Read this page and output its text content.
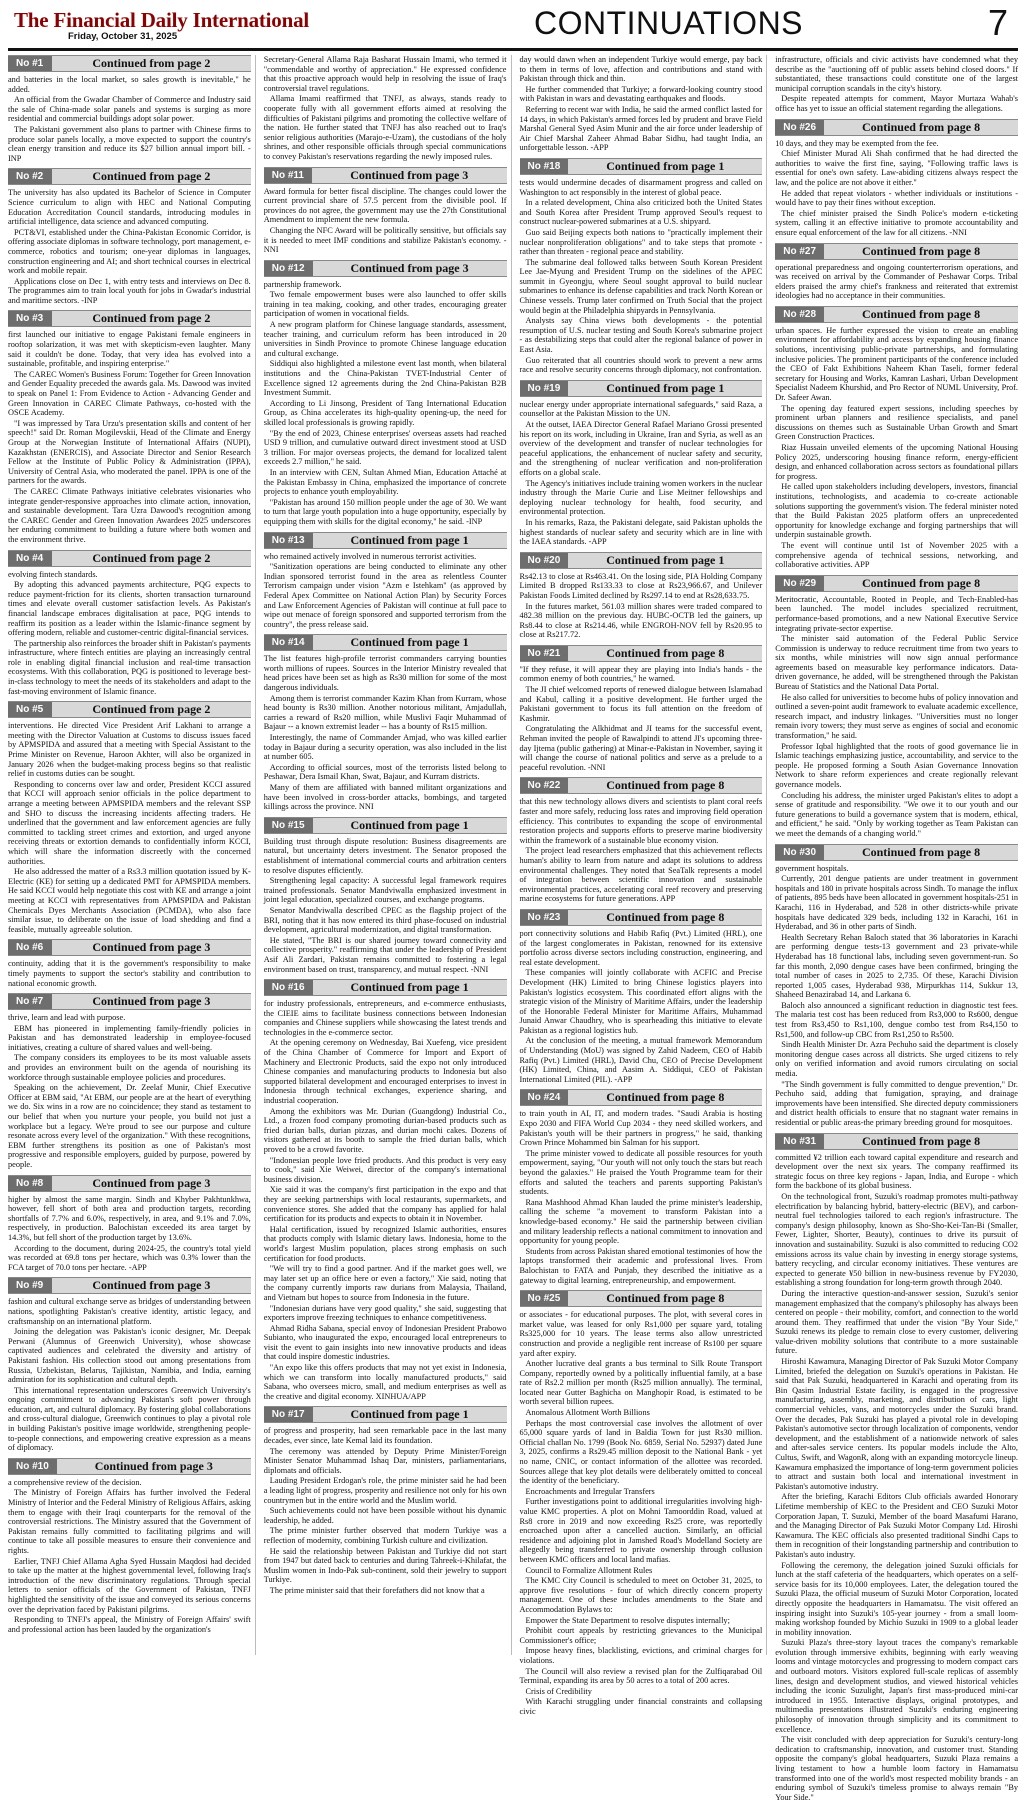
The Financial Daily International
Friday, October 31, 2025	CONTINUATIONS	7
No #1	Continued from page 2

and batteries in the local market, so sales growth is inevitable," he added.

An official from the Gwadar Chamber of Commerce and Industry said the sale of China-made solar panels and systems is surging as more residential and commercial buildings adopt solar power.

The Pakistani government also plans to partner with Chinese firms to produce solar panels locally, a move expected to support the country's clean energy transition and reduce its $27 billion annual import bill. -INP

No #2	Continued from page 2

The university has also updated its Bachelor of Science in Computer Science curriculum to align with HEC and National Computing Education Accreditation Council standards, introducing modules in artificial intelligence, data science and advanced computing.

PCT&VI, established under the China-Pakistan Economic Corridor, is offering associate diplomas in software technology, port management, e-commerce, robotics and tourism; one-year diplomas in languages, construction engineering and AI; and short technical courses in electrical work and mobile repair.

Applications close on Dec 1, with entry tests and interviews on Dec 8. The programmes aim to train local youth for jobs in Gwadar's industrial and maritime sectors. -INP

No #3	Continued from page 2

first launched our initiative to engage Pakistani female engineers in rooftop solarization, it was met with skepticism-even laughter. Many said it couldn't be done. Today, that very idea has evolved into a sustainable, profitable, and inspiring enterprise."

The CAREC Women's Business Forum: Together for Green Innovation and Gender Equality preceded the awards gala. Ms. Dawood was invited to speak on Panel 1: From Evidence to Action - Advancing Gender and Green Innovation in CAREC Climate Pathways, co-hosted with the OSCE Academy.

"I was impressed by Tara Urzu's presentation skills and content of her speech!" said Dr. Roman Mogilevskii, Head of the Climate and Energy Group at the Norwegian Institute of International Affairs (NUPI), Kazakhstan (ENERCIS), and Associate Director and Senior Research Fellow at the Institute of Public Policy & Administration (IPPA), University of Central Asia, who moderated the panel. IPPA is one of the partners for the awards.

The CAREC Climate Pathways initiative celebrates visionaries who integrate gender-responsive approaches into climate action, innovation, and sustainable development. Tara Uzra Dawood's recognition among the CAREC Gender and Green Innovation Awardees 2025 underscores her enduring commitment to building a future where both women and the environment thrive.

No #4	Continued from page 2

evolving fintech standards.

By adopting this advanced payments architecture, PQG expects to reduce payment-friction for its clients, shorten transaction turnaround times and elevate overall customer satisfaction levels. As Pakistan's financial landscape embraces digitalisation at pace, PQG intends to reaffirm its position as a leader within the Islamic-finance segment by offering modern, reliable and customer-centric digital-financial services.

The partnership also reinforces the broader shift in Pakistan's payments infrastructure, where fintech entities are playing an increasingly central role in enabling digital financial inclusion and real-time transaction ecosystems. With this collaboration, PQG is positioned to leverage best-in-class technology to meet the needs of its stakeholders and adapt to the fast-moving environment of Islamic finance.

No #5	Continued from page 2

interventions. He directed Vice President Arif Lakhani to arrange a meeting with the Director Valuation at Customs to discuss issues faced by APMSPIDA and assured that a meeting with Special Assistant to the Prime Minister on Revenue, Haroon Akhter, will also be organized in January 2026 when the budget-making process begins so that realistic relief in customs duties can be sought.

Responding to concerns over law and order, President KCCI assured that KCCI will approach senior officials in the police department to arrange a meeting between APMSPIDA members and the relevant SSP and SHO to discuss the increasing incidents affecting traders. He underlined that the government and law enforcement agencies are fully committed to tackling street crimes and extortion, and urged anyone receiving threats or extortion demands to confidentially inform KCCI, which will share the information discreetly with the concerned authorities.

He also addressed the matter of a Rs3.3 million quotation issued by K-Electric (KE) for setting up a dedicated PMT for APMSPIDA members. He said KCCI would help negotiate this cost with KE and arrange a joint meeting at KCCI with representatives from APMSPIDA and Pakistan Chemicals Dyes Merchants Association (PCMDA), who also face similar issue, to deliberate on the issue of load shedding and find a feasible, mutually agreeable solution.

No #6	Continued from page 3

continuity, adding that it is the government's responsibility to make timely payments to support the sector's stability and contribution to national economic growth.

No #7	Continued from page 3

thrive, learn and lead with purpose.

EBM has pioneered in implementing family-friendly policies in Pakistan and has demonstrated leadership in employee-focused initiatives, creating a culture of shared values and well-being.

The company considers its employees to be its most valuable assets and provides an environment built on the agenda of nourishing its workforce through sustainable employee policies and procedures.

Speaking on the achievement, Dr. Zeelaf Munir, Chief Executive Officer at EBM said, "At EBM, our people are at the heart of everything we do. Six wins in a row are no coincidence; they stand as testament to our belief that when you nurture your people, you build not just a workplace but a legacy. We're proud to see our purpose and culture resonate across every level of the organization." With these recognitions, EBM further strengthens its position as one of Pakistan's most progressive and responsible employers, guided by purpose, powered by people.

No #8	Continued from page 3

higher by almost the same margin. Sindh and Khyber Pakhtunkhwa, however, fell short of both area and production targets, recording shortfalls of 7.7% and 6.0%, respectively, in area, and 9.1% and 7.0%, respectively, in production. Balochistan exceeded its area target by 14.3%, but fell short of the production target by 13.6%.

According to the document, during 2024-25, the country's total yield was recorded at 69.8 tons per hectare, which was 0.3% lower than the FCA target of 70.0 tons per hectare. -APP

No #9	Continued from page 3

fashion and cultural exchange serve as bridges of understanding between nations, spotlighting Pakistan's creative identity, artistic legacy, and craftsmanship on an international platform.

Joining the delegation was Pakistan's iconic designer, Mr. Deepak Perwani (Alumnus of Greenwich University), whose showcase captivated audiences and celebrated the diversity and artistry of Pakistani fashion. His collection stood out among presentations from Russia, Uzbekistan, Belarus, Tajikistan, Namibia, and India, earning admiration for its sophistication and cultural depth.

This international representation underscores Greenwich University's ongoing commitment to advancing Pakistan's soft power through education, art, and cultural diplomacy. By fostering global collaborations and cross-cultural dialogue, Greenwich continues to play a pivotal role in building Pakistan's positive image worldwide, strengthening people-to-people connections, and empowering creative expression as a means of diplomacy.

No #10	Continued from page 3

a comprehensive review of the decision.

The Ministry of Foreign Affairs has further involved the Federal Ministry of Interior and the Federal Ministry of Religious Affairs, asking them to engage with their Iraqi counterparts for the removal of the controversial restrictions. The Ministry assured that the Government of Pakistan remains fully committed to facilitating pilgrims and will continue to take all possible measures to ensure their convenience and rights.

Earlier, TNFJ Chief Allama Agha Syed Hussain Maqdosi had decided to take up the matter at the highest governmental level, following Iraq's introduction of the new discriminatory regulations. Through special letters to senior officials of the Government of Pakistan, TNFJ highlighted the sensitivity of the issue and conveyed its serious concerns over the deprivation faced by Pakistani pilgrims.

Responding to TNFJ's appeal, the Ministry of Foreign Affairs' swift and professional action has been lauded by the organization's

Secretary-General Allama Raja Basharat Hussain Imami, who termed it "commendable and worthy of appreciation." He expressed confidence that this proactive approach would help in resolving the issue of Iraq's controversial travel regulations.

Allama Imami reaffirmed that TNFJ, as always, stands ready to cooperate fully with all government efforts aimed at resolving the difficulties of Pakistani pilgrims and promoting the collective welfare of the nation. He further stated that TNFJ has also reached out to Iraq's senior religious authorities (Marajo-e-Uzam), the custodians of the holy shrines, and other responsible officials through special communications to convey Pakistan's reservations regarding the newly imposed rules.

No #11	Continued from page 3

Award formula for better fiscal discipline. The changes could lower the current provincial share of 57.5 percent from the divisible pool. If provinces do not agree, the government may use the 27th Constitutional Amendment to implement the new formula.

Changing the NFC Award will be politically sensitive, but officials say it is needed to meet IMF conditions and stabilize Pakistan's economy. -NNI

No #12	Continued from page 3

partnership framework.

Two female empowerment buses were also launched to offer skills training in tea making, cooking, and other trades, encouraging greater participation of women in vocational fields.

A new program platform for Chinese language standards, assessment, teacher training, and curriculum reform has been introduced in 20 universities in Sindh Province to promote Chinese language education and cultural exchange.

Siddiqui also highlighted a milestone event last month, when bilateral institutions and the China-Pakistan TVET-Industrial Center of Excellence signed 12 agreements during the 2nd China-Pakistan B2B Investment Summit.

According to Li Jinsong, President of Tang International Education Group, as China accelerates its high-quality opening-up, the need for skilled local professionals is growing rapidly.

"By the end of 2023, Chinese enterprises' overseas assets had reached USD 9 trillion, and cumulative outward direct investment stood at USD 3 trillion. For major overseas projects, the demand for localized talent exceeds 2.7 million," he said.

In an interview with CEN, Sultan Ahmed Mian, Education Attaché at the Pakistan Embassy in China, emphasized the importance of concrete projects to enhance youth employability.

"Pakistan has around 150 million people under the age of 30. We want to turn that large youth population into a huge opportunity, especially by equipping them with skills for the digital economy," he said. -INP

No #13	Continued from page 1

who remained actively involved in numerous terrorist activities.

"Sanitization operations are being conducted to eliminate any other Indian sponsored terrorist found in the area as relentless Counter Terrorism campaign under vision "Azm e Istehkam" (as approved by Federal Apex Committee on National Action Plan) by Security Forces and Law Enforcement Agencies of Pakistan will continue at full pace to wipe out menace of foreign sponsored and supported terrorism from the country", the press release said.

No #14	Continued from page 1

The list features high-profile terrorist commanders carrying bounties worth millions of rupees. Sources in the Interior Ministry revealed that head prices have been set as high as Rs30 million for some of the most dangerous individuals.

Among them is terrorist commander Kazim Khan from Kurram, whose head bounty is Rs30 million. Another notorious militant, Amjadullah, carries a reward of Rs20 million, while Muslivi Faqir Muhammad of Bajaur -- a known extremist leader -- has a bounty of Rs15 million.

Interestingly, the name of Commander Amjad, who was killed earlier today in Bajaur during a security operation, was also included in the list at number 605.

According to official sources, most of the terrorists listed belong to Peshawar, Dera Ismail Khan, Swat, Bajaur, and Kurram districts.

Many of them are affiliated with banned militant organizations and have been involved in cross-border attacks, bombings, and targeted killings across the province. NNI

No #15	Continued from page 1

Building trust through dispute resolution: Business disagreements are natural, but uncertainty deters investment. The Senator proposed the establishment of international commercial courts and arbitration centers to resolve disputes efficiently.

Strengthening legal capacity: A successful legal framework requires trained professionals. Senator Mandviwalla emphasized investment in joint legal education, specialized courses, and exchange programs.

Senator Mandviwalla described CPEC as the flagship project of the BRI, noting that it has now entered its third phase-focused on industrial development, agricultural modernization, and digital transformation.

He stated, "The BRI is our shared journey toward connectivity and collective prosperity." reaffirming that under the leadership of President Asif Ali Zardari, Pakistan remains committed to fostering a legal environment based on trust, transparency, and mutual respect. -NNI

No #16	Continued from page 1

for industry professionals, entrepreneurs, and e-commerce enthusiasts, the CIEIE aims to facilitate business connections between Indonesian companies and Chinese suppliers while showcasing the latest trends and technologies in the e-commerce sector.

At the opening ceremony on Wednesday, Bai Xuefeng, vice president of the China Chamber of Commerce for Import and Export of Machinery and Electronic Products, said the expo not only introduced Chinese companies and manufacturing products to Indonesia but also supported bilateral development and encouraged enterprises to invest in Indonesia through technical exchanges, experience sharing, and industrial cooperation.

Among the exhibitors was Mr. Durian (Guangdong) Industrial Co., Ltd., a frozen food company promoting durian-based products such as fried durian balls, durian pizzas, and durian mochi cakes. Dozens of visitors gathered at its booth to sample the fried durian balls, which proved to be a crowd favorite.

"Indonesian people love fried products. And this product is very easy to cook," said Xie Weiwei, director of the company's international business division.

Xie said it was the company's first participation in the expo and that they are seeking partnerships with local restaurants, supermarkets, and convenience stores. She added that the company has applied for halal certification for its products and expects to obtain it in November.

Halal certification, issued by recognized Islamic authorities, ensures that products comply with Islamic dietary laws. Indonesia, home to the world's largest Muslim population, places strong emphasis on such certification for food products.

"We will try to find a good partner. And if the market goes well, we may later set up an office here or even a factory," Xie said, noting that the company currently imports raw durians from Malaysia, Thailand, and Vietnam but hopes to source from Indonesia in the future.

"Indonesian durians have very good quality," she said, suggesting that exporters improve freezing techniques to enhance competitiveness.

Ahmad Ridha Sabana, special envoy of Indonesian President Prabowo Subianto, who inaugurated the expo, encouraged local entrepreneurs to visit the event to gain insights into new innovative products and ideas that could inspire domestic industries.

"An expo like this offers products that may not yet exist in Indonesia, which we can transform into locally manufactured products," said Sabana, who oversees micro, small, and medium enterprises as well as the creative and digital economy. XINHUA/APP

No #17	Continued from page 1

of progress and prosperity, had seen remarkable pace in the last many decades, ever since, late Kemal laid its foundation.

The ceremony was attended by Deputy Prime Minister/Foreign Minister Senator Muhammad Ishaq Dar, ministers, parliamentarians, diplomats and officials.

Lauding President Erdogan's role, the prime minister said he had been a leading light of progress, prosperity and resilience not only for his own countrymen but in the entire world and the Muslim world.

Such achievements could not have been possible without his dynamic leadership, he added.

The prime minister further observed that modern Turkiye was a reflection of modernity, combining Turkish culture and civilization.

He said the relationship between Pakistan and Turkiye did not start from 1947 but dated back to centuries and during Tahreek-i-Khilafat, the Muslim women in Indo-Pak sub-continent, sold their jewelry to support Turkiye.

The prime minister said that their forefathers did not know that a

day would dawn when an independent Turkiye would emerge, pay back to them in terms of love, affection and contributions and stand with Pakistan through thick and thin.

He further commended that Turkiye; a forward-looking country stood with Pakistan in wars and devastating earthquakes and floods.

Referring to recent war with India, he said the armed conflict lasted for 14 days, in which Pakistan's armed forces led by prudent and brave Field Marshal General Syed Asim Munir and the air force under leadership of Air Chief Marshal Zaheer Ahmad Babar Sidhu, had taught India, an unforgettable lesson. -APP

No #18	Continued from page 1

tests would undermine decades of disarmament progress and called on Washington to act responsibly in the interest of global peace.

In a related development, China also criticized both the United States and South Korea after President Trump approved Seoul's request to construct nuclear-powered submarines at a U.S. shipyard.

Guo said Beijing expects both nations to "practically implement their nuclear nonproliferation obligations" and to take steps that promote - rather than threaten - regional peace and stability.

The submarine deal followed talks between South Korean President Lee Jae-Myung and President Trump on the sidelines of the APEC summit in Gyeongju, where Seoul sought approval to build nuclear submarines to enhance its defense capabilities and track North Korean or Chinese vessels. Trump later confirmed on Truth Social that the project would begin at the Philadelphia shipyards in Pennsylvania.

Analysts say China views both developments - the potential resumption of U.S. nuclear testing and South Korea's submarine project - as destabilizing steps that could alter the regional balance of power in East Asia.

Guo reiterated that all countries should work to prevent a new arms race and resolve security concerns through diplomacy, not confrontation.

No #19	Continued from page 1

nuclear energy under appropriate international safeguards," said Raza, a counsellor at the Pakistan Mission to the UN.

At the outset, IAEA Director General Rafael Mariano Grossi presented his report on its work, including in Ukraine, Iran and Syria, as well as an overview of the development and transfer of nuclear technologies for peaceful applications, the enhancement of nuclear safety and security, and the strengthening of nuclear verification and non-proliferation efforts on a global scale.

The Agency's initiatives include training women workers in the nuclear industry through the Marie Curie and Lise Meitner fellowships and deploying nuclear technology for health, food security, and environmental protection.

In his remarks, Raza, the Pakistani delegate, said Pakistan upholds the highest standards of nuclear safety and security which are in line with the IAEA standards. -APP

No #20	Continued from page 1

Rs42.13 to close at Rs463.41. On the losing side, PIA Holding Company Limited B dropped Rs133.33 to close at Rs23,966.67, and Unilever Pakistan Foods Limited declined by Rs297.14 to end at Rs28,633.75.

In the futures market, 561.03 million shares were traded compared to 482.38 million on the previous day. HUBC-OCTB led the gainers, up Rs8.44 to close at Rs214.46, while ENGROH-NOV fell by Rs20.95 to close at Rs217.72.

No #21	Continued from page 8

"If they refuse, it will appear they are playing into India's hands - the common enemy of both countries," he warned.

The JI chief welcomed reports of renewed dialogue between Islamabad and Kabul, calling it a positive development. He further urged the Pakistani government to focus its full attention on the freedom of Kashmir.

Congratulating the Alkhidmat and JI teams for the successful event, Rehman invited the people of Rawalpindi to attend JI's upcoming three-day Ijtema (public gathering) at Minar-e-Pakistan in November, saying it will change the course of national politics and serve as a prelude to a peaceful revolution. -NNI

No #22	Continued from page 8

that this new technology allows divers and scientists to plant coral reefs faster and more safely, reducing loss rates and improving field operation efficiency. This contributes to expanding the scope of environmental restoration projects and supports efforts to preserve marine biodiversity within the framework of a sustainable blue economy vision.

The project lead researchers emphasized that this achievement reflects human's ability to learn from nature and adapt its solutions to address environmental challenges. They noted that SeaTalk represents a model of integration between scientific innovation and sustainable environmental practices, accelerating coral reef recovery and preserving marine ecosystems for future generations. APP

No #23	Continued from page 8

port connectivity solutions and Habib Rafiq (Pvt.) Limited (HRL), one of the largest conglomerates in Pakistan, renowned for its extensive portfolio across diverse sectors including construction, engineering, and real estate development.

These companies will jointly collaborate with ACFIC and Precise Development (HK) Limited to bring Chinese logistics players into Pakistan's logistics ecosystem. This coordinated effort aligns with the strategic vision of the Ministry of Maritime Affairs, under the leadership of the Honorable Federal Minister for Maritime Affairs, Muhammad Junaid Anwar Chaudhry, who is spearheading this initiative to elevate Pakistan as a regional logistics hub.

At the conclusion of the meeting, a mutual framework Memorandum of Understanding (MoU) was signed by Zahid Nadeem, CEO of Habib Rafiq (Pvt.) Limited (HRL), David Chu, CEO of Precise Development (HK) Limited, China, and Aasim A. Siddiqui, CEO of Pakistan International Limited (PIL). -APP

No #24	Continued from page 8

to train youth in AI, IT, and modern trades. "Saudi Arabia is hosting Expo 2030 and FIFA World Cup 2034 - they need skilled workers, and Pakistan's youth will be their partners in progress," he said, thanking Crown Prince Mohammed bin Salman for his support.

The prime minister vowed to dedicate all possible resources for youth empowerment, saying, "Our youth will not only touch the stars but reach beyond the galaxies." He praised the Youth Programme team for their efforts and saluted the teachers and parents supporting Pakistan's students.

Rana Mashhood Ahmad Khan lauded the prime minister's leadership, calling the scheme "a movement to transform Pakistan into a knowledge-based economy." He said the partnership between civilian and military leadership reflects a national commitment to innovation and opportunity for young people.

Students from across Pakistan shared emotional testimonies of how the laptops transformed their academic and professional lives. From Balochistan to FATA and Punjab, they described the initiative as a gateway to digital learning, entrepreneurship, and empowerment.

No #25	Continued from page 8

or associates - for educational purposes. The plot, with several cores in market value, was leased for only Rs1,000 per square yard, totaling Rs325,000 for 10 years. The lease terms also allow unrestricted construction and provide a negligible rent increase of Rs100 per square yard after expiry.

Another lucrative deal grants a bus terminal to Silk Route Transport Company, reportedly owned by a politically influential family, at a base rate of Rs2.2 million per month (Rs25 million annually). The terminal, located near Gutter Baghicha on Manghopir Road, is estimated to be worth several billion rupees.

Anomalous Allotment Worth Billions

Perhaps the most controversial case involves the allotment of over 65,000 square yards of land in Baldia Town for just Rs30 million. Official challan No. 1799 (Book No. 6859, Serial No. 52937) dated June 3, 2025, confirms a Rs29.45 million deposit to the National Bank - yet no name, CNIC, or contact information of the allottee was recorded. Sources allege that key plot details were deliberately omitted to conceal the identity of the beneficiary.

Encroachments and Irregular Transfers

Further investigations point to additional irregularities involving high-value KMC properties. A plot on Mohni Tamoorddin Road, valued at Rs8 crore in 2019 and now exceeding Rs25 crore, was reportedly encroached upon after a cancelled auction. Similarly, an official residence and adjoining plot in Jamshed Road's Modelland Society are allegedly being transferred to private ownership through collusion between KMC officers and local land mafias.

Council to Formalize Allotment Rules

The KMC City Council is scheduled to meet on October 31, 2025, to approve five resolutions - four of which directly concern property management. One of these includes amendments to the State and Accommodation Bylaws to:

Empower the State Department to resolve disputes internally;

Prohibit court appeals by restricting grievances to the Municipal Commissioner's office;

Impose heavy fines, blacklisting, evictions, and criminal charges for violations.

The Council will also review a revised plan for the Zulfiqarabad Oil Terminal, expanding its area by 50 acres to a total of 200 acres.

Crisis of Credibility

With Karachi struggling under financial constraints and collapsing civic

infrastructure, officials and civic activists have condemned what they describe as the "auctioning off of public assets behind closed doors." If substantiated, these transactions could constitute one of the largest municipal corruption scandals in the city's history.

Despite repeated attempts for comment, Mayor Murtaza Wahab's office has yet to issue an official statement regarding the allegations.

No #26	Continued from page 8

10 days, and they may be exempted from the fee.

Chief Minister Murad Ali Shah confirmed that he had directed the authorities to waive the first fine, saying, "Following traffic laws is essential for one's own safety. Law-abiding citizens always respect the law, and the police are not above it either."

He added that repeat violators - whether individuals or institutions - would have to pay their fines without exception.

The chief minister praised the Sindh Police's modern e-ticketing system, calling it an effective initiative to promote accountability and ensure equal enforcement of the law for all citizens. -NNI

No #27	Continued from page 8

operational preparedness and ongoing counterterrorism operations, and was received on arrival by the Commander of Peshawar Corps. Tribal elders praised the army chief's frankness and reiterated that extremist ideologies had no acceptance in their communities.

No #28	Continued from page 8

urban spaces. He further expressed the vision to create an enabling environment for affordability and access by expanding housing finance solutions, incentivising public-private partnerships, and formulating inclusive policies. The prominent participants of the conference included the CEO of Fakt Exhibitions Naheem Khan Taseli, former federal secretary for Housing and Works, Kamran Lashari, Urban Development Specialist Nadeem Khurshid, and Pro Rector of NUML University, Prof. Dr. Safeer Awan.

The opening day featured expert sessions, including speeches by prominent urban planners and resilience specialists, and panel discussions on themes such as Sustainable Urban Growth and Smart Green Construction Practices.

Riaz Hussain unveiled elements of the upcoming National Housing Policy 2025, underscoring housing finance reform, energy-efficient design, and enhanced collaboration across sectors as foundational pillars for progress.

He called upon stakeholders including developers, investors, financial institutions, technologists, and academia to co-create actionable solutions supporting the government's vision. The federal minister noted that the Build Pakistan 2025 platform offers an unprecedented opportunity for knowledge exchange and forging partnerships that will underpin sustainable growth.

The event will continue until 1st of November 2025 with a comprehensive agenda of technical sessions, networking, and collaborative activities. APP

No #29	Continued from page 8

Meritocratic, Accountable, Rooted in People, and Tech-Enabled-has been launched. The model includes specialized recruitment, performance-based promotions, and a new National Executive Service integrating private-sector expertise.

The minister said automation of the Federal Public Service Commission is underway to reduce recruitment time from two years to six months, while ministries will now sign annual performance agreements based on measurable key performance indicators. Data-driven governance, he added, will be strengthened through the Pakistan Bureau of Statistics and the National Data Portal.

He also called for universities to become hubs of policy innovation and outlined a seven-point audit framework to evaluate academic excellence, research impact, and industry linkages. "Universities must no longer remain ivory towers; they must serve as engines of social and economic transformation," he said.

Professor Iqbal highlighted that the roots of good governance lie in Islamic teachings emphasizing justice, accountability, and service to the people. He proposed forming a South Asian Governance Innovation Network to share reform experiences and create regionally relevant governance models.

Concluding his address, the minister urged Pakistan's elites to adopt a sense of gratitude and responsibility. "We owe it to our youth and our future generations to build a governance system that is modern, ethical, and efficient," he said. "Only by working together as Team Pakistan can we meet the demands of a changing world."

No #30	Continued from page 8

government hospitals.

Currently, 201 dengue patients are under treatment in government hospitals and 180 in private hospitals across Sindh. To manage the influx of patients, 895 beds have been allocated in government hospitals-251 in Karachi, 116 in Hyderabad, and 528 in other districts-while private hospitals have dedicated 329 beds, including 132 in Karachi, 161 in Hyderabad, and 36 in other parts of Sindh.

Health Secretary Rehan Baloch stated that 36 laboratories in Karachi are performing dengue tests-13 government and 23 private-while Hyderabad has 18 functional labs, including seven government-run. So far this month, 2,090 dengue cases have been confirmed, bringing the total number of cases in 2025 to 2,735. Of these, Karachi Division reported 1,005 cases, Hyderabad 938, Mirpurkhas 114, Sukkur 13, Shaheed Benazirabad 14, and Larkana 6.

Baloch also announced a significant reduction in diagnostic test fees. The malaria test cost has been reduced from Rs3,000 to Rs600, dengue test from Rs3,450 to Rs1,100, dengue combo test from Rs4,150 to Rs1,500, and follow-up CBC from Rs1,250 to Rs500.

Sindh Health Minister Dr. Azra Pechuho said the department is closely monitoring dengue cases across all districts. She urged citizens to rely only on verified information and avoid rumors circulating on social media.

"The Sindh government is fully committed to dengue prevention," Dr. Pechuho said, adding that fumigation, spraying, and drainage improvements have been intensified. She directed deputy commissioners and district health officials to ensure that no stagnant water remains in residential or public areas-the primary breeding ground for mosquitoes.

No #31	Continued from page 8

committed ¥2 trillion each toward capital expenditure and research and development over the next six years. The company reaffirmed its strategic focus on three key regions - Japan, India, and Europe - which form the backbone of its global business.

On the technological front, Suzuki's roadmap promotes multi-pathway electrification by balancing hybrid, battery-electric (BEV), and carbon-neutral fuel technologies tailored to each region's infrastructure. The company's design philosophy, known as Sho-Sho-Kei-Tan-Bi (Smaller, Fewer, Lighter, Shorter, Beauty), continues to drive its pursuit of innovation and sustainability. Suzuki is also committed to reducing CO2 emissions across its value chain by investing in energy storage systems, battery recycling, and circular economy initiatives. These ventures are expected to generate ¥50 billion in new-business revenue by FY2030, establishing a strong foundation for long-term growth through 2040.

During the interactive question-and-answer session, Suzuki's senior management emphasized that the company's philosophy has always been centered on people - their mobility, comfort, and connection to the world around them. They reaffirmed that under the vision "By Your Side," Suzuki renews its pledge to remain close to every customer, delivering value-driven mobility solutions that contribute to a more sustainable future.

Hiroshi Kawamura, Managing Director of Pak Suzuki Motor Company Limited, briefed the delegation on Suzuki's operations in Pakistan. He said that Pak Suzuki, headquartered in Karachi and operating from its Bin Qasim Industrial Estate facility, is engaged in the progressive manufacturing, assembly, marketing, and distribution of cars, light commercial vehicles, vans, and motorcycles under the Suzuki brand. Over the decades, Pak Suzuki has played a pivotal role in developing Pakistan's automotive sector through localization of components, vendor development, and the establishment of a nationwide network of sales and after-sales service centers. Its popular models include the Alto, Cultus, Swift, and WagonR, along with an expanding motorcycle lineup. Kawamura emphasized the importance of long-term government policies to attract and sustain both local and international investment in Pakistan's automotive industry.

After the briefing, Karachi Editors Club officials awarded Honorary Lifetime membership of KEC to the President and CEO Suzuki Motor Corporation Japan, T. Suzuki, Member of the board Masafumi Harano, and the Managing Director of Pak Suzuki Motor Company Ltd. Hiroshi Kawamura. The KEC officials also presented traditional Sindhi Caps to them in recognition of their longstanding partnership and contribution to Pakistan's auto industry.

Following the ceremony, the delegation joined Suzuki officials for lunch at the staff cafeteria of the headquarters, which operates on a self-service basis for its 10,000 employees. Later, the delegation toured the Suzuki Plaza, the official museum of Suzuki Motor Corporation, located directly opposite the headquarters in Hamamatsu. The visit offered an inspiring insight into Suzuki's 105-year journey - from a small loom-making workshop founded by Michio Suzuki in 1909 to a global leader in mobility innovation.

Suzuki Plaza's three-story layout traces the company's remarkable evolution through immersive exhibits, beginning with early weaving looms and vintage motorcycles and progressing to modern compact cars and outboard motors. Visitors explored full-scale replicas of assembly lines, design and development studios, and viewed historical vehicles including the iconic Suzulight, Japan's first mass-produced mini-car introduced in 1955. Interactive displays, original prototypes, and multimedia presentations illustrated Suzuki's enduring engineering philosophy of innovation through simplicity and its commitment to excellence.

The visit concluded with deep appreciation for Suzuki's century-long dedication to craftsmanship, innovation, and customer trust. Standing opposite the company's global headquarters, Suzuki Plaza remains a living testament to how a humble loom factory in Hamamatsu transformed into one of the world's most respected mobility brands - an enduring symbol of Suzuki's timeless promise to always remain "By Your Side."
